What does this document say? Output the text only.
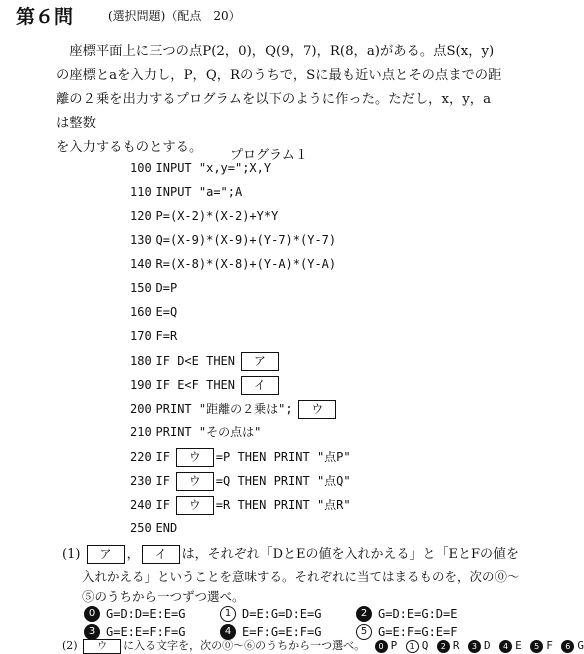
第６問	(選択問題)（配点　20）

座標平面上に三つの点P(2，0)，Q(9，7)，R(8，a)がある。点S(x，y)

の座標とaを入力し，P，Q，Rのうちで，Sに最も近い点とその点までの距

離の２乗を出力するプログラムを以下のように作った。ただし，x，y，aは整数

を入力するものとする。

プログラム１
100 INPUT "x,y=";X,Y
110 INPUT "a=";A
120 P=(X-2)*(X-2)+Y*Y
130 Q=(X-9)*(X-9)+(Y-7)*(Y-7)
140 R=(X-8)*(X-8)+(Y-A)*(Y-A)
150 D=P
160 E=Q
170 F=R
180 IF D<E THEN ア
190 IF E<F THEN イ
200 PRINT "距離の２乗は"; ウ
210 PRINT "その点は"
220 IF ウ =P THEN PRINT "点P"
230 IF ウ =Q THEN PRINT "点Q"
240 IF ウ =R THEN PRINT "点R"
250 END
(1) ア ， イ は，それぞれ「DとEの値を入れかえる」と「EとFの値を
入れかえる」ということを意味する。それぞれに当てはまるものを，次の⓪〜
⑤のうちから一つずつ選べ。
0 G=D:D=E:E=G	1 D=E:G=D:E=G	2 G=D:E=G:D=E
3 G=E:E=F:F=G	4 E=F:G=E:F=G	5 G=E:F=G:E=F
(2) ウ に入る文字を，次の⓪〜⑥のうちから一つ選べ。 0 P 1 Q 2 R 3 D 4 E 5 F 6 G
